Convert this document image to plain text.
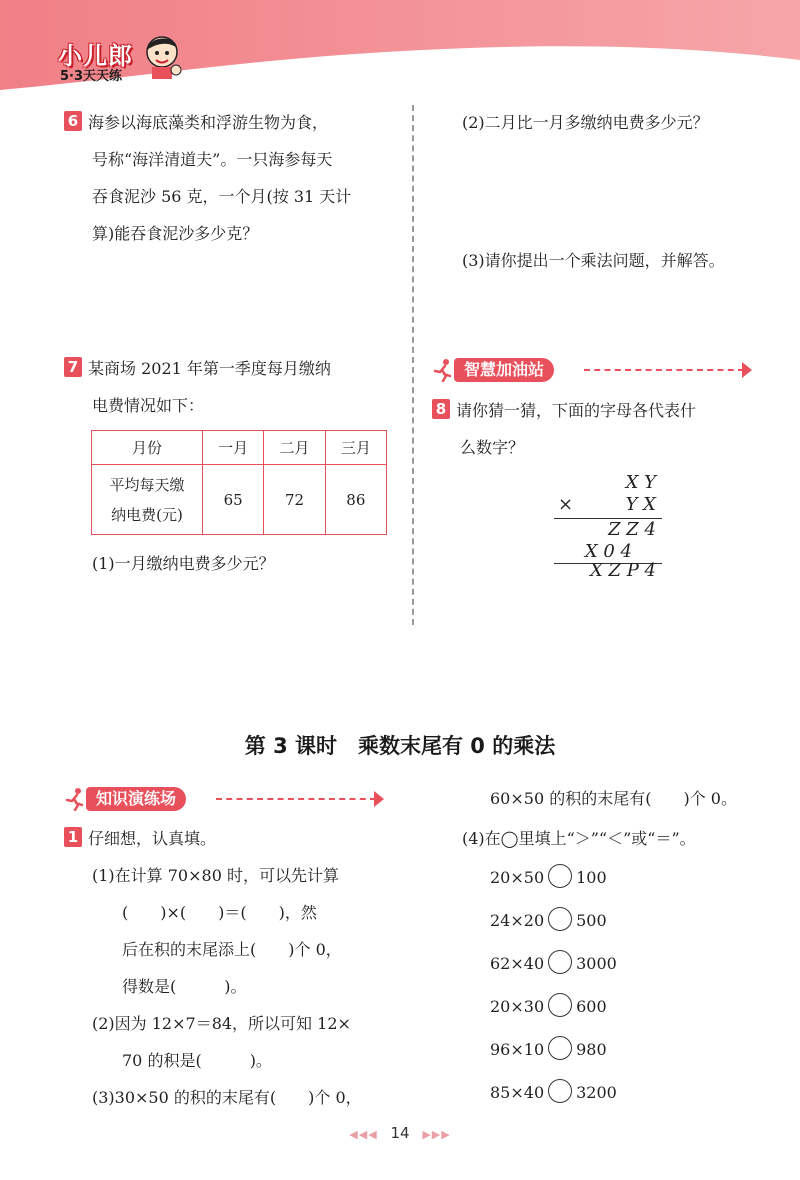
小儿郎
5·3天天练
6 海参以海底藻类和浮游生物为食，
号称“海洋清道夫”。一只海参每天
吞食泥沙 56 克，一个月(按 31 天计
算)能吞食泥沙多少克？
7 某商场 2021 年第一季度每月缴纳
电费情况如下：
月份	一月	二月	三月

平均每天缴
纳电费(元)	65	72	86
(1)一月缴纳电费多少元？
(2)二月比一月多缴纳电费多少元？
(3)请你提出一个乘法问题，并解答。
智慧加油站
8 请你猜一猜，下面的字母各代表什
么数字？
X Y
×	Y X
Z Z 4
X 0 4
X Z P 4
第 3 课时　乘数末尾有 0 的乘法
知识演练场
1 仔细想，认真填。
(1)在计算 70×80 时，可以先计算
(　　)×(　　)＝(　　)，然
后在积的末尾添上(　　)个 0，
得数是(　　　)。
(2)因为 12×7＝84，所以可知 12×
70 的积是(　　　)。
(3)30×50 的积的末尾有(　　)个 0，
60×50 的积的末尾有(　　)个 0。
(4)在◯里填上“＞”“＜”或“＝”。
20×50 100
24×20 500
62×40 3000
20×30 600
96×10 980
85×40 3200
◀◀◀ 14 ▶▶▶
